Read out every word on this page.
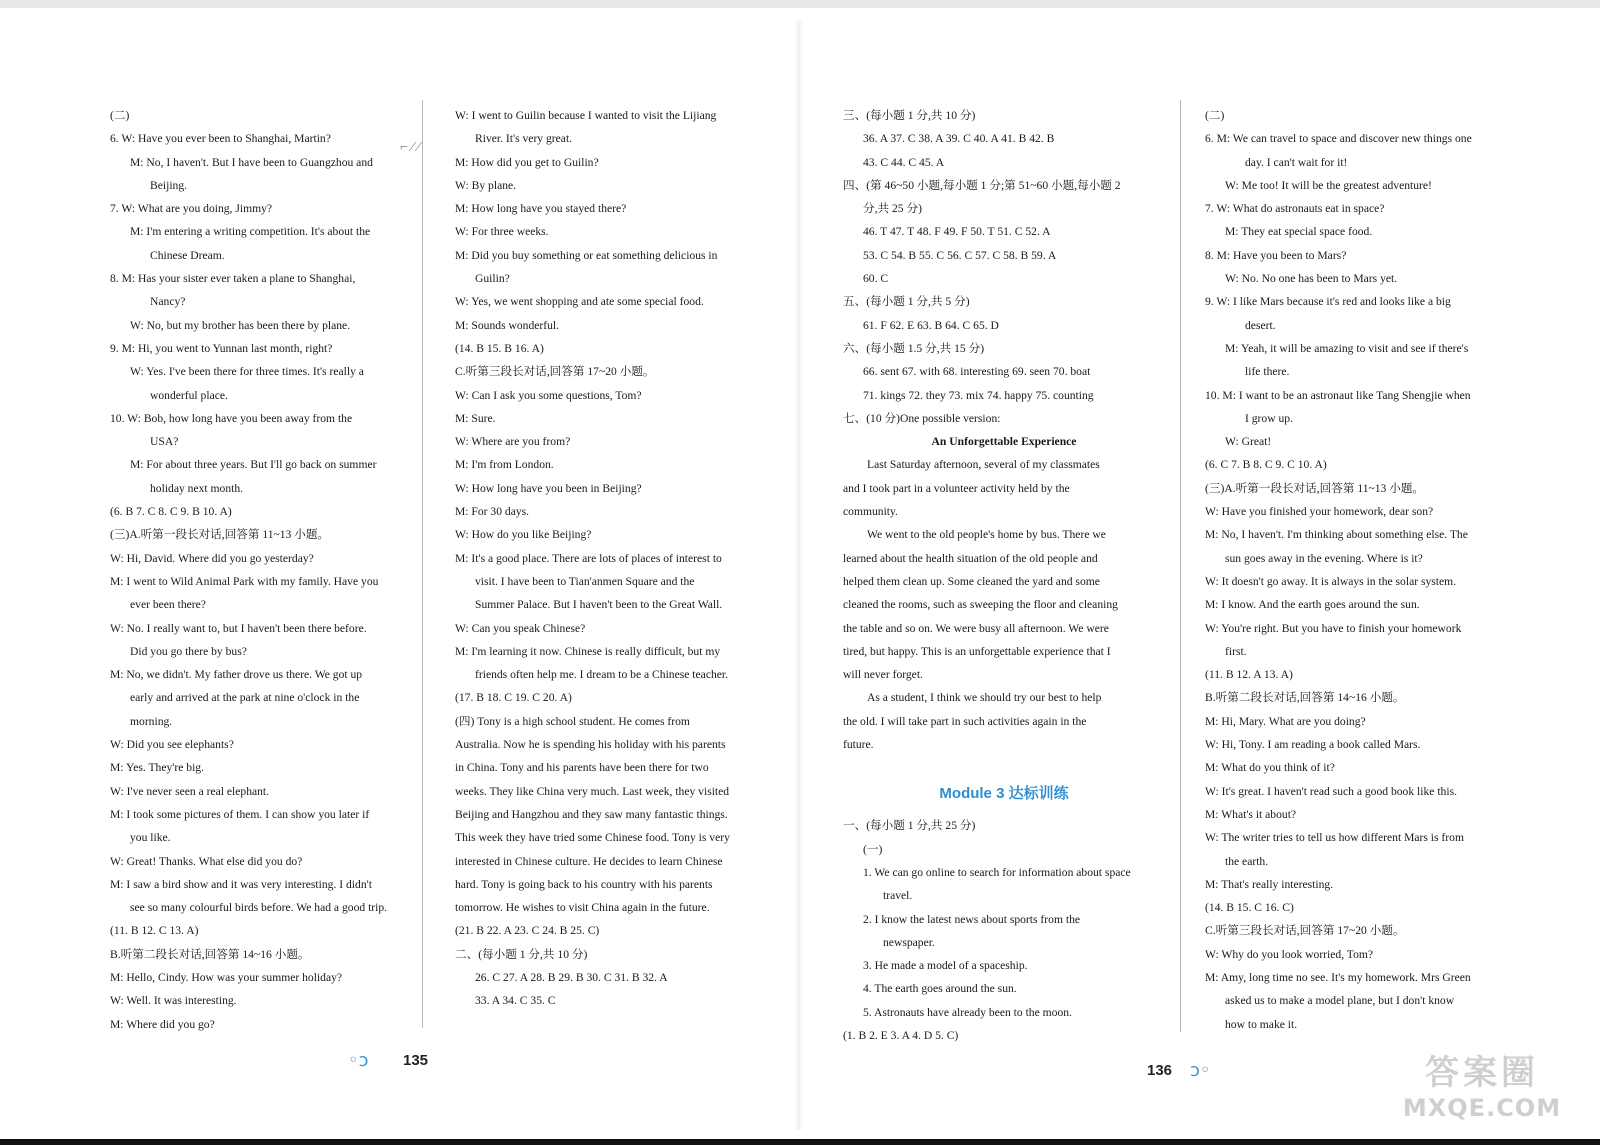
(二)
6. W: Have you ever been to Shanghai, Martin?
M: No, I haven't. But I have been to Guangzhou and
Beijing.
7. W: What are you doing, Jimmy?
M: I'm entering a writing competition. It's about the
Chinese Dream.
8. M: Has your sister ever taken a plane to Shanghai,
Nancy?
W: No, but my brother has been there by plane.
9. M: Hi, you went to Yunnan last month, right?
W: Yes. I've been there for three times. It's really a
wonderful place.
10. W: Bob, how long have you been away from the
USA?
M: For about three years. But I'll go back on summer
holiday next month.
(6. B 7. C 8. C 9. B 10. A)
(三)A.听第一段长对话,回答第 11~13 小题。
W: Hi, David. Where did you go yesterday?
M: I went to Wild Animal Park with my family. Have you
ever been there?
W: No. I really want to, but I haven't been there before.
Did you go there by bus?
M: No, we didn't. My father drove us there. We got up
early and arrived at the park at nine o'clock in the
morning.
W: Did you see elephants?
M: Yes. They're big.
W: I've never seen a real elephant.
M: I took some pictures of them. I can show you later if
you like.
W: Great! Thanks. What else did you do?
M: I saw a bird show and it was very interesting. I didn't
see so many colourful birds before. We had a good trip.
(11. B 12. C 13. A)
B.听第二段长对话,回答第 14~16 小题。
M: Hello, Cindy. How was your summer holiday?
W: Well. It was interesting.
M: Where did you go?
W: I went to Guilin because I wanted to visit the Lijiang
River. It's very great.
M: How did you get to Guilin?
W: By plane.
M: How long have you stayed there?
W: For three weeks.
M: Did you buy something or eat something delicious in
Guilin?
W: Yes, we went shopping and ate some special food.
M: Sounds wonderful.
(14. B 15. B 16. A)
C.听第三段长对话,回答第 17~20 小题。
W: Can I ask you some questions, Tom?
M: Sure.
W: Where are you from?
M: I'm from London.
W: How long have you been in Beijing?
M: For 30 days.
W: How do you like Beijing?
M: It's a good place. There are lots of places of interest to
visit. I have been to Tian'anmen Square and the
Summer Palace. But I haven't been to the Great Wall.
W: Can you speak Chinese?
M: I'm learning it now. Chinese is really difficult, but my
friends often help me. I dream to be a Chinese teacher.
(17. B 18. C 19. C 20. A)
(四) Tony is a high school student. He comes from
Australia. Now he is spending his holiday with his parents
in China. Tony and his parents have been there for two
weeks. They like China very much. Last week, they visited
Beijing and Hangzhou and they saw many fantastic things.
This week they have tried some Chinese food. Tony is very
interested in Chinese culture. He decides to learn Chinese
hard. Tony is going back to his country with his parents
tomorrow. He wishes to visit China again in the future.
(21. B 22. A 23. C 24. B 25. C)
二、(每小题 1 分,共 10 分)
26. C 27. A 28. B 29. B 30. C 31. B 32. A
33. A 34. C 35. C
⌐ ∕ ⁄
三、(每小题 1 分,共 10 分)
36. A 37. C 38. A 39. C 40. A 41. B 42. B
43. C 44. C 45. A
四、(第 46~50 小题,每小题 1 分;第 51~60 小题,每小题 2
分,共 25 分)
46. T 47. T 48. F 49. F 50. T 51. C 52. A
53. C 54. B 55. C 56. C 57. C 58. B 59. A
60. C
五、(每小题 1 分,共 5 分)
61. F 62. E 63. B 64. C 65. D
六、(每小题 1.5 分,共 15 分)
66. sent 67. with 68. interesting 69. seen 70. boat
71. kings 72. they 73. mix 74. happy 75. counting
七、(10 分)One possible version:
An Unforgettable Experience
Last Saturday afternoon, several of my classmates
and I took part in a volunteer activity held by the
community.
We went to the old people's home by bus. There we
learned about the health situation of the old people and
helped them clean up. Some cleaned the yard and some
cleaned the rooms, such as sweeping the floor and cleaning
the table and so on. We were busy all afternoon. We were
tired, but happy. This is an unforgettable experience that I
will never forget.
As a student, I think we should try our best to help
the old. I will take part in such activities again in the
future.
Module 3 达标训练
一、(每小题 1 分,共 25 分)
(一)
1. We can go online to search for information about space
travel.
2. I know the latest news about sports from the
newspaper.
3. He made a model of a spaceship.
4. The earth goes around the sun.
5. Astronauts have already been to the moon.
(1. B 2. E 3. A 4. D 5. C)
(二)
6. M: We can travel to space and discover new things one
day. I can't wait for it!
W: Me too! It will be the greatest adventure!
7. W: What do astronauts eat in space?
M: They eat special space food.
8. M: Have you been to Mars?
W: No. No one has been to Mars yet.
9. W: I like Mars because it's red and looks like a big
desert.
M: Yeah, it will be amazing to visit and see if there's
life there.
10. M: I want to be an astronaut like Tang Shengjie when
I grow up.
W: Great!
(6. C 7. B 8. C 9. C 10. A)
(三)A.听第一段长对话,回答第 11~13 小题。
W: Have you finished your homework, dear son?
M: No, I haven't. I'm thinking about something else. The
sun goes away in the evening. Where is it?
W: It doesn't go away. It is always in the solar system.
M: I know. And the earth goes around the sun.
W: You're right. But you have to finish your homework
first.
(11. B 12. A 13. A)
B.听第二段长对话,回答第 14~16 小题。
M: Hi, Mary. What are you doing?
W: Hi, Tony. I am reading a book called Mars.
M: What do you think of it?
W: It's great. I haven't read such a good book like this.
M: What's it about?
W: The writer tries to tell us how different Mars is from
the earth.
M: That's really interesting.
(14. B 15. C 16. C)
C.听第三段长对话,回答第 17~20 小题。
W: Why do you look worried, Tom?
M: Amy, long time no see. It's my homework. Mrs Green
asked us to make a model plane, but I don't know
how to make it.
◦ↄ 135
136 ↄ◦	答案圈
MXQE.COM
